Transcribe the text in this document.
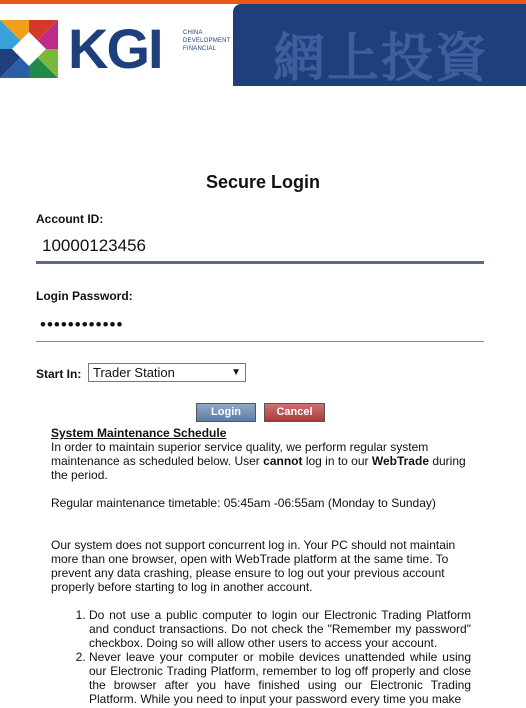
KGI	CHINA
DEVELOPMENT
FINANCIAL	網上投資
Secure Login
Account ID:
10000123456
Login Password:
••••••••••••
Start In: Trader Station	▼
Login	Cancel
System Maintenance Schedule

In order to maintain superior service quality, we perform regular system maintenance as scheduled below. User cannot log in to our WebTrade during the period.

Regular maintenance timetable: 05:45am -06:55am (Monday to Sunday)

Our system does not support concurrent log in. Your PC should not maintain more than one browser, open with WebTrade platform at the same time. To prevent any data crashing, please ensure to log out your previous account properly before starting to log in another account.

1. Do not use a public computer to login our Electronic Trading Platform and conduct transactions. Do not check the "Remember my password" checkbox. Doing so will allow other users to access your account.
2. Never leave your computer or mobile devices unattended while using our Electronic Trading Platform, remember to log off properly and close the browser after you have finished using our Electronic Trading Platform. While you need to input your password every time you make
